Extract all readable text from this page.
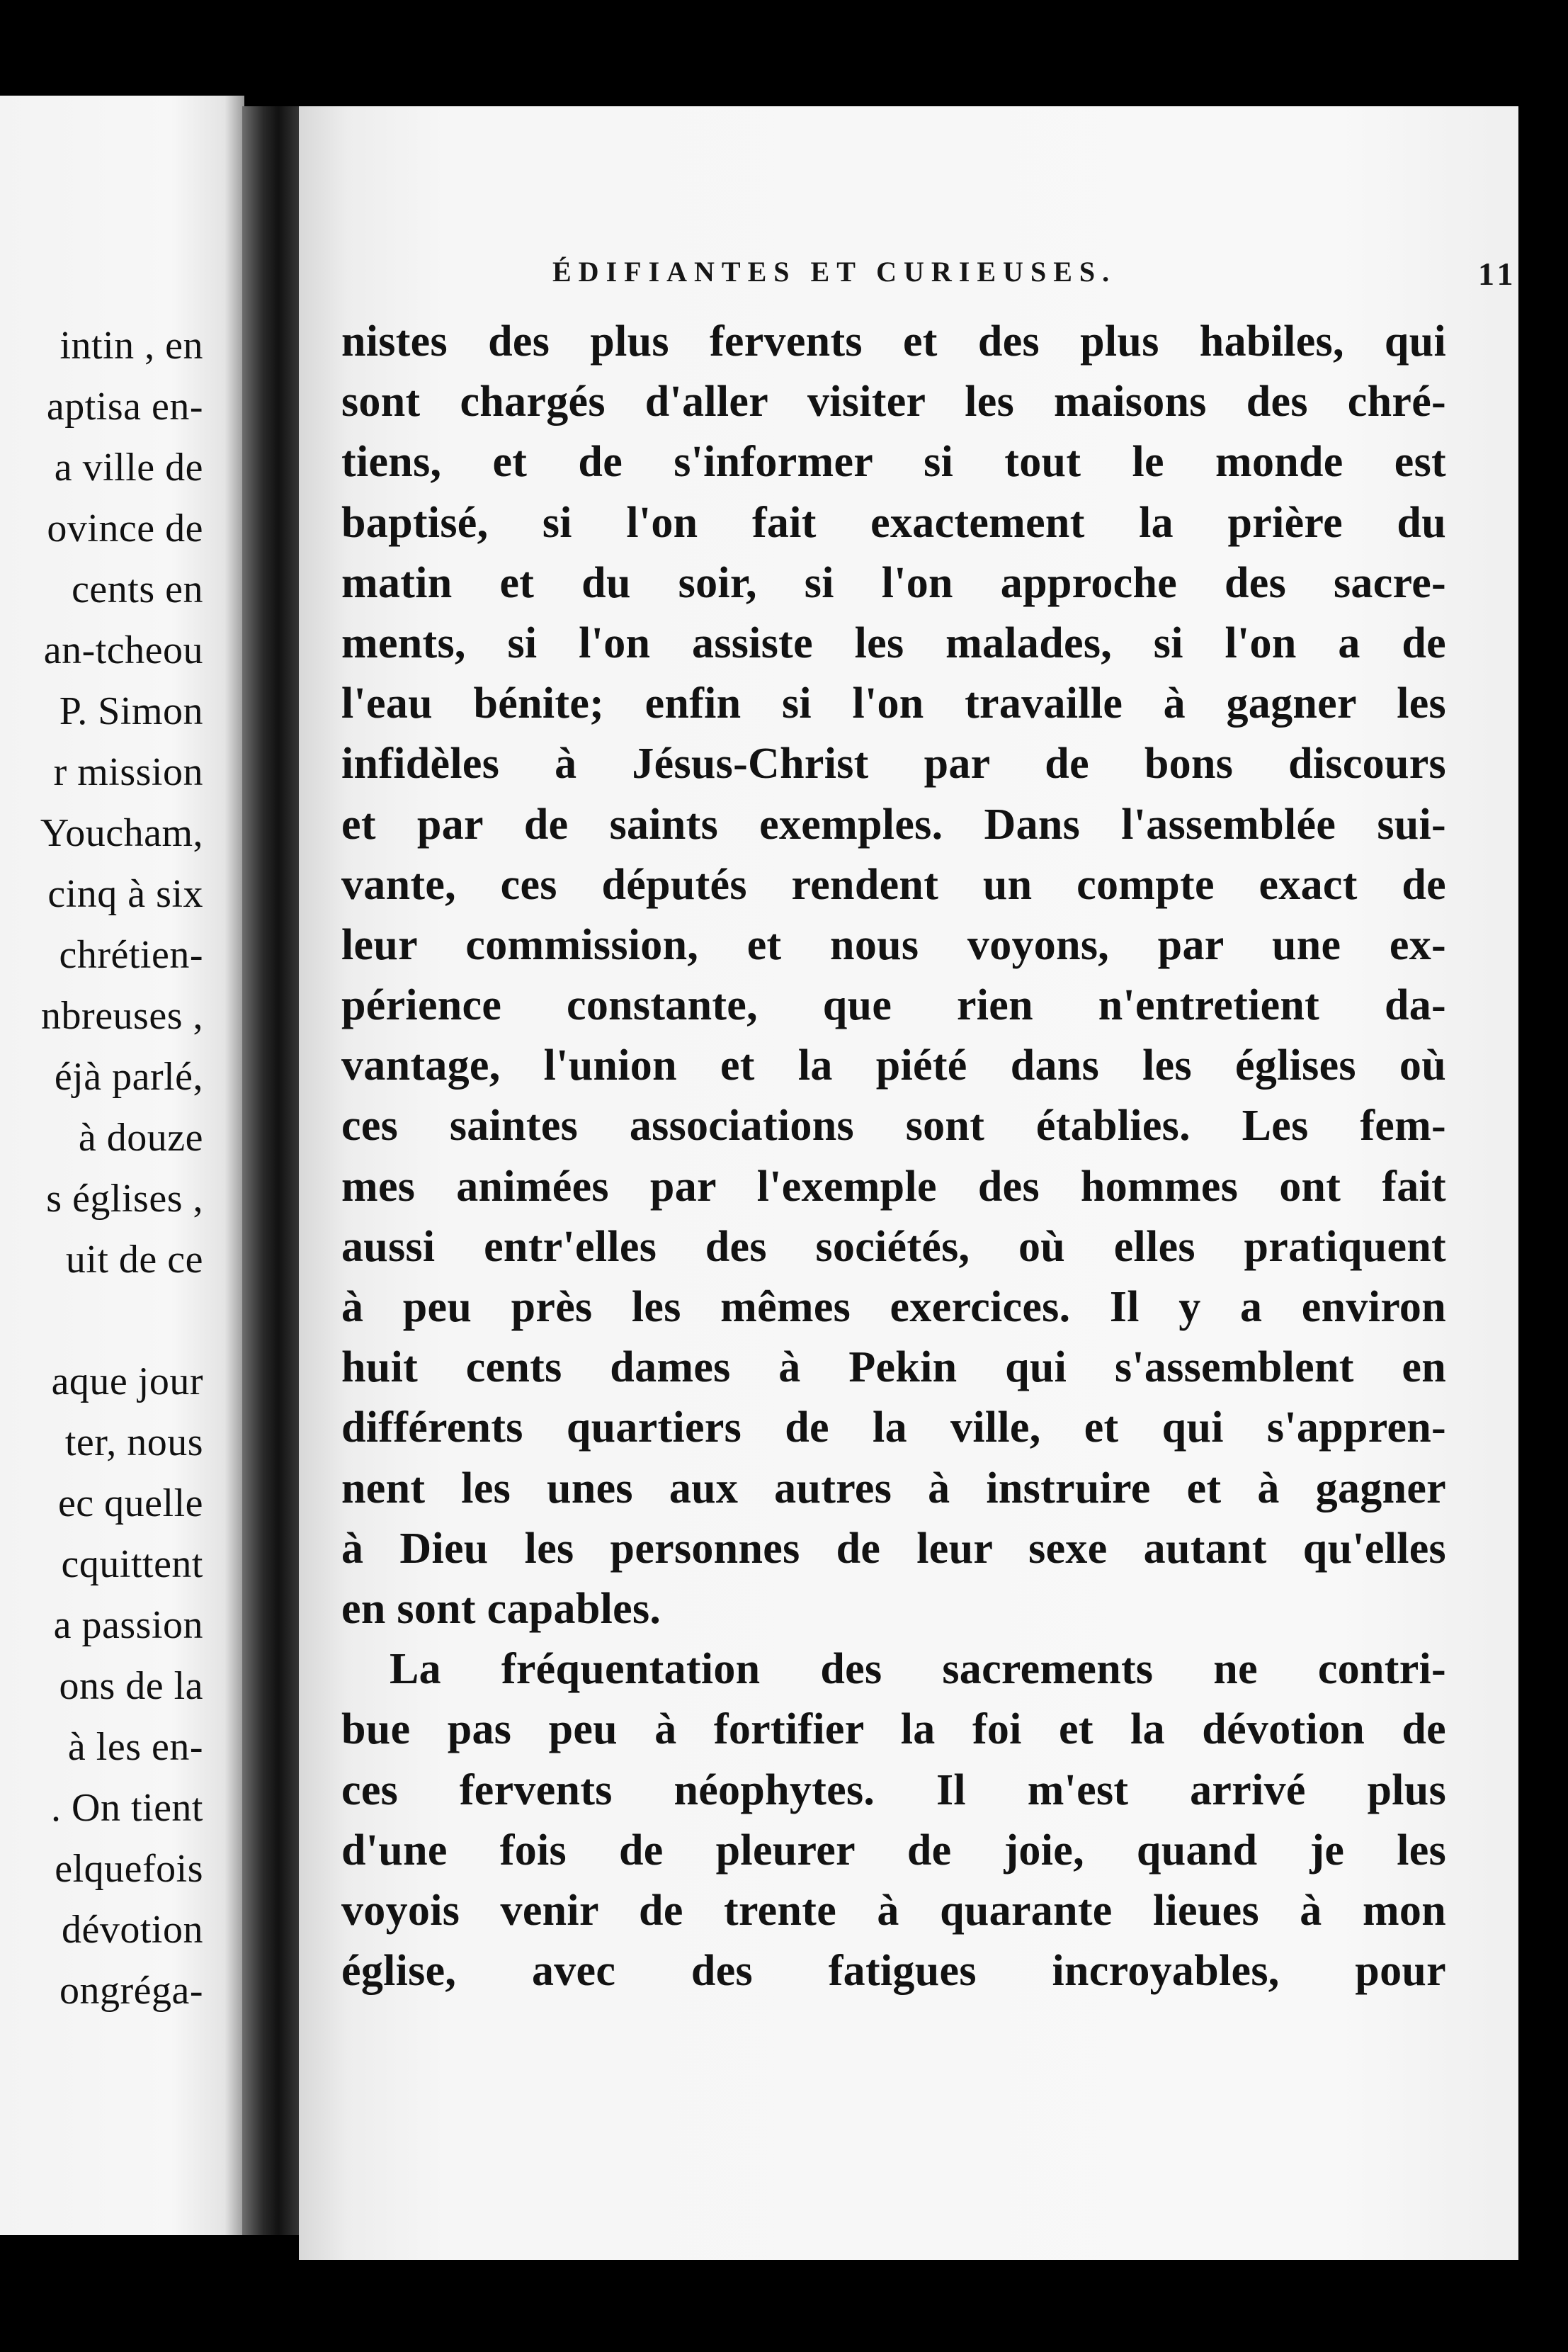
intin , en
aptisa en-
a ville de
ovince de
cents en
an-tcheou
P. Simon
r mission
Youcham,
cinq à six
chrétien-
nbreuses ,
éjà parlé,
à douze
s églises ,
uit de ce
aque jour
ter, nous
ec quelle
cquittent
a passion
ons de la
à les en-
. On tient
elquefois
dévotion
ongréga-
ÉDIFIANTES ET CURIEUSES.	11
nistes des plus fervents et des plus habiles, qui
sont chargés d'aller visiter les maisons des chré-
tiens, et de s'informer si tout le monde est
baptisé, si l'on fait exactement la prière du
matin et du soir, si l'on approche des sacre-
ments, si l'on assiste les malades, si l'on a de
l'eau bénite; enfin si l'on travaille à gagner les
infidèles à Jésus-Christ par de bons discours
et par de saints exemples. Dans l'assemblée sui-
vante, ces députés rendent un compte exact de
leur commission, et nous voyons, par une ex-
périence constante, que rien n'entretient da-
vantage, l'union et la piété dans les églises où
ces saintes associations sont établies. Les fem-
mes animées par l'exemple des hommes ont fait
aussi entr'elles des sociétés, où elles pratiquent
à peu près les mêmes exercices. Il y a environ
huit cents dames à Pekin qui s'assemblent en
différents quartiers de la ville, et qui s'appren-
nent les unes aux autres à instruire et à gagner
à Dieu les personnes de leur sexe autant qu'elles
en sont capables.
La fréquentation des sacrements ne contri-
bue pas peu à fortifier la foi et la dévotion de
ces fervents néophytes. Il m'est arrivé plus
d'une fois de pleurer de joie, quand je les
voyois venir de trente à quarante lieues à mon
église, avec des fatigues incroyables, pour
